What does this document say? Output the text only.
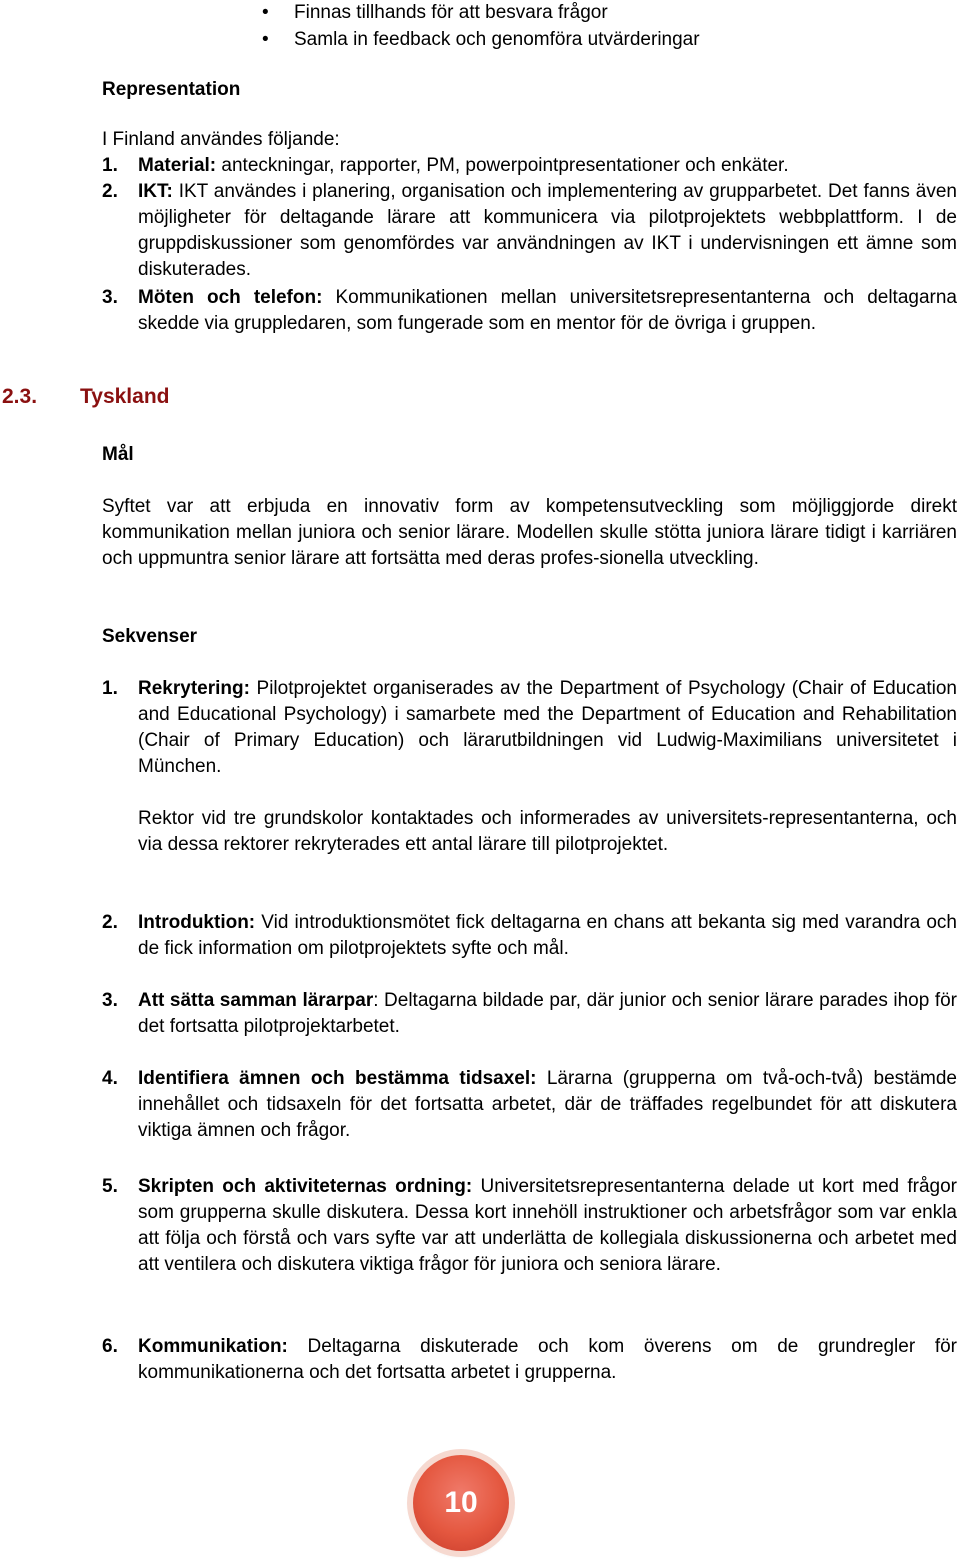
• Finnas tillhands för att besvara frågor
• Samla in feedback och genomföra utvärderingar
Representation
I Finland användes följande:
1. Material: anteckningar, rapporter, PM, powerpointpresentationer och enkäter.
2. IKT: IKT användes i planering, organisation och implementering av grupparbetet. Det fanns även möjligheter för deltagande lärare att kommunicera via pilotprojektets webbplattform. I de gruppdiskussioner som genomfördes var användningen av IKT i undervisningen ett ämne som diskuterades.
3. Möten och telefon: Kommunikationen mellan universitetsrepresentanterna och deltagarna skedde via gruppledaren, som fungerade som en mentor för de övriga i gruppen.
2.3. Tyskland
Mål
Syftet var att erbjuda en innovativ form av kompetensutveckling som möjliggjorde direkt kommunikation mellan juniora och senior lärare. Modellen skulle stötta juniora lärare tidigt i karriären och uppmuntra senior lärare att fortsätta med deras profes-sionella utveckling.
Sekvenser
1. Rekrytering: Pilotprojektet organiserades av the Department of Psychology (Chair of Education and Educational Psychology) i samarbete med the Department of Education and Rehabilitation (Chair of Primary Education) och lärarutbildningen vid Ludwig-Maximilians universitetet i München.
Rektor vid tre grundskolor kontaktades och informerades av universitets-representanterna, och via dessa rektorer rekryterades ett antal lärare till pilotprojektet.
2. Introduktion: Vid introduktionsmötet fick deltagarna en chans att bekanta sig med varandra och de fick information om pilotprojektets syfte och mål.
3. Att sätta samman lärarpar: Deltagarna bildade par, där junior och senior lärare parades ihop för det fortsatta pilotprojektarbetet.
4. Identifiera ämnen och bestämma tidsaxel: Lärarna (grupperna om två-och-två) bestämde innehållet och tidsaxeln för det fortsatta arbetet, där de träffades regelbundet för att diskutera viktiga ämnen och frågor.
5. Skripten och aktiviteternas ordning: Universitetsrepresentanterna delade ut kort med frågor som grupperna skulle diskutera. Dessa kort innehöll instruktioner och arbetsfrågor som var enkla att följa och förstå och vars syfte var att underlätta de kollegiala diskussionerna och arbetet med att ventilera och diskutera viktiga frågor för juniora och seniora lärare.
6. Kommunikation: Deltagarna diskuterade och kom överens om de grundregler för kommunikationerna och det fortsatta arbetet i grupperna.
10
